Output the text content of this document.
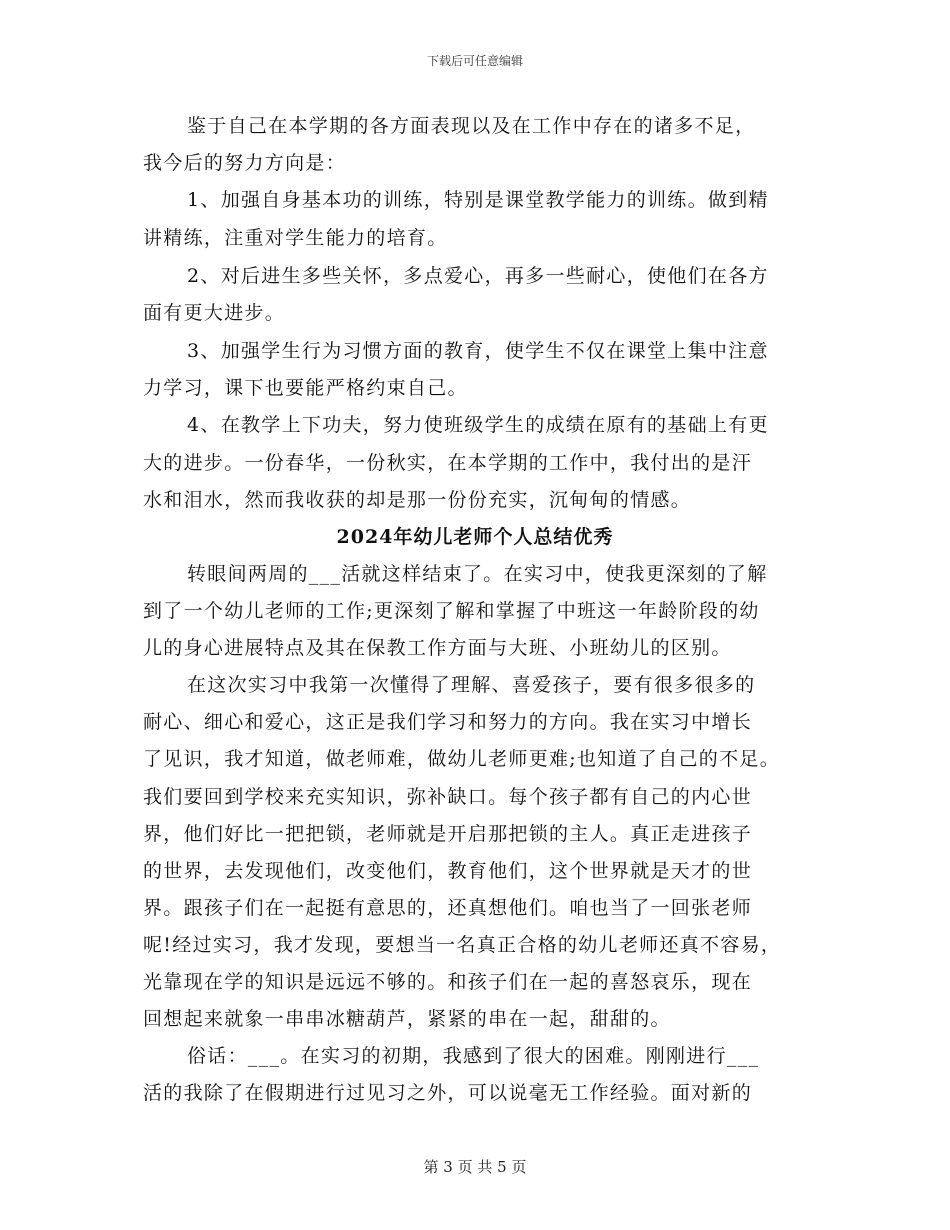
下载后可任意编辑
鉴于自己在本学期的各方面表现以及在工作中存在的诸多不足，
我今后的努力方向是：
1、加强自身基本功的训练，特别是课堂教学能力的训练。做到精
讲精练，注重对学生能力的培育。
2、对后进生多些关怀，多点爱心，再多一些耐心，使他们在各方
面有更大进步。
3、加强学生行为习惯方面的教育，使学生不仅在课堂上集中注意
力学习，课下也要能严格约束自己。
4、在教学上下功夫，努力使班级学生的成绩在原有的基础上有更
大的进步。一份春华，一份秋实，在本学期的工作中，我付出的是汗
水和泪水，然而我收获的却是那一份份充实，沉甸甸的情感。
2024年幼儿老师个人总结优秀
转眼间两周的___活就这样结束了。在实习中，使我更深刻的了解
到了一个幼儿老师的工作;更深刻了解和掌握了中班这一年龄阶段的幼
儿的身心进展特点及其在保教工作方面与大班、小班幼儿的区别。
在这次实习中我第一次懂得了理解、喜爱孩子，要有很多很多的
耐心、细心和爱心，这正是我们学习和努力的方向。我在实习中增长
了见识，我才知道，做老师难，做幼儿老师更难;也知道了自己的不足。
我们要回到学校来充实知识，弥补缺口。每个孩子都有自己的内心世
界，他们好比一把把锁，老师就是开启那把锁的主人。真正走进孩子
的世界，去发现他们，改变他们，教育他们，这个世界就是天才的世
界。跟孩子们在一起挺有意思的，还真想他们。咱也当了一回张老师
呢!经过实习，我才发现，要想当一名真正合格的幼儿老师还真不容易，
光靠现在学的知识是远远不够的。和孩子们在一起的喜怒哀乐，现在
回想起来就象一串串冰糖葫芦，紧紧的串在一起，甜甜的。
俗话：___。在实习的初期，我感到了很大的困难。刚刚进行___
活的我除了在假期进行过见习之外，可以说毫无工作经验。面对新的
第 3 页 共 5 页
